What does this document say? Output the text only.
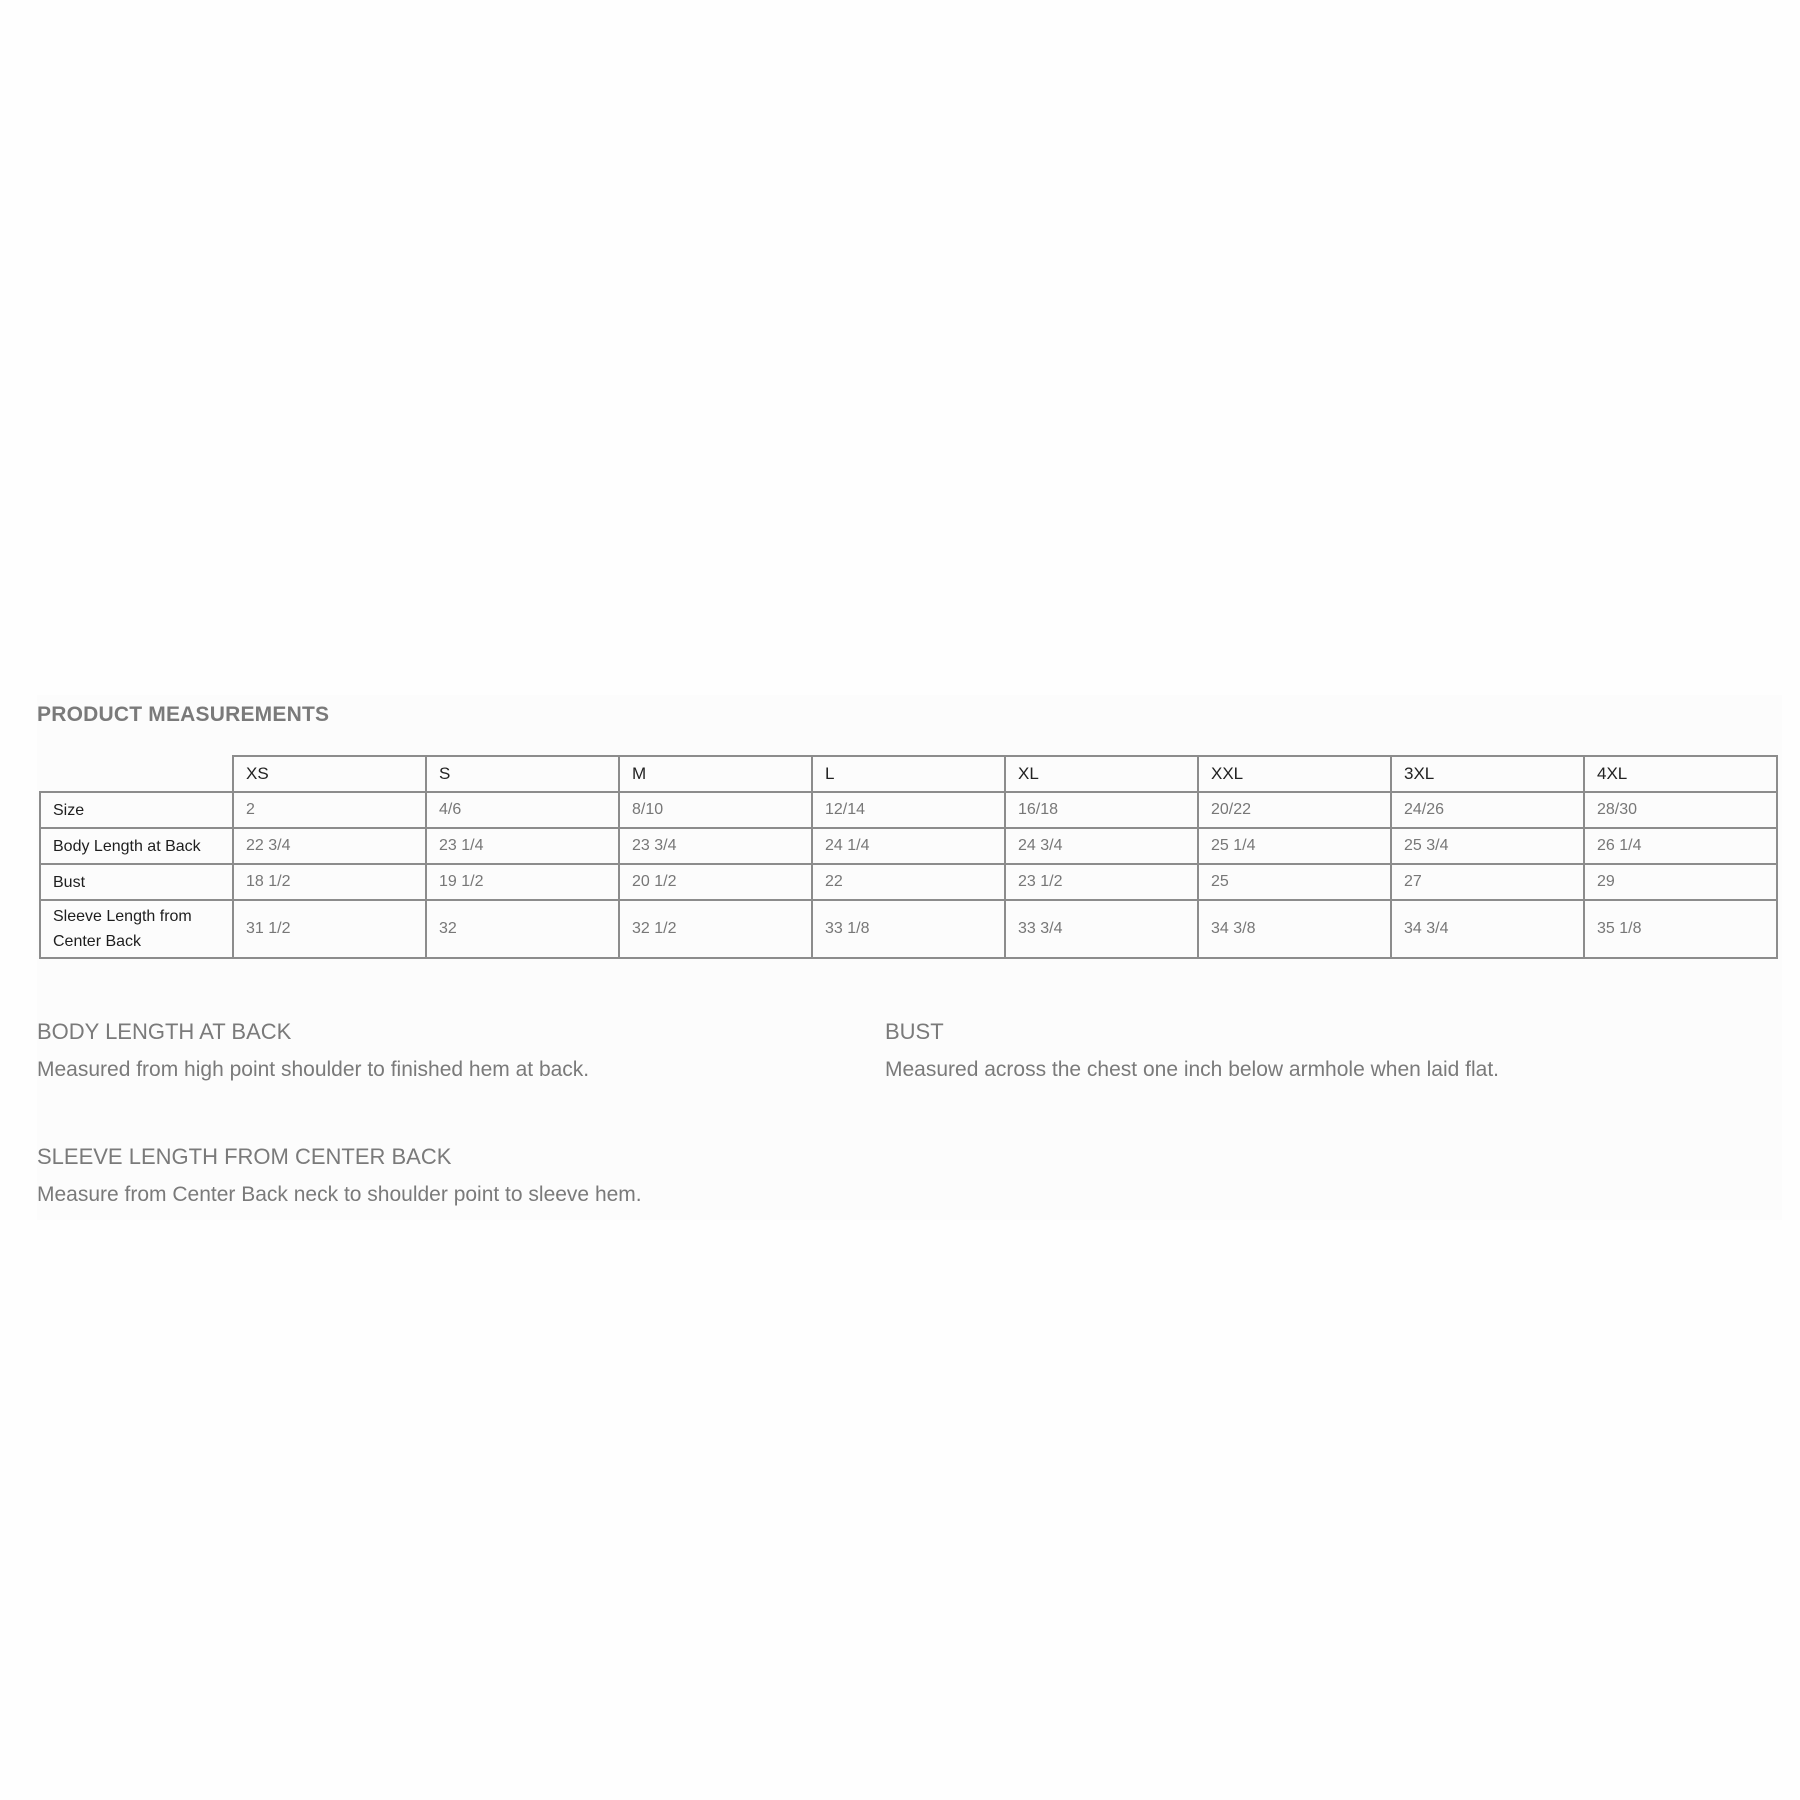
PRODUCT MEASUREMENTS
	XS	S	M	L	XL	XXL	3XL	4XL
Size	2	4/6	8/10	12/14	16/18	20/22	24/26	28/30
Body Length at Back	22 3/4	23 1/4	23 3/4	24 1/4	24 3/4	25 1/4	25 3/4	26 1/4
Bust	18 1/2	19 1/2	20 1/2	22	23 1/2	25	27	29
Sleeve Length from Center Back	31 1/2	32	32 1/2	33 1/8	33 3/4	34 3/8	34 3/4	35 1/8
BODY LENGTH AT BACK

Measured from high point shoulder to finished hem at back.

BUST

Measured across the chest one inch below armhole when laid flat.

SLEEVE LENGTH FROM CENTER BACK

Measure from Center Back neck to shoulder point to sleeve hem.
